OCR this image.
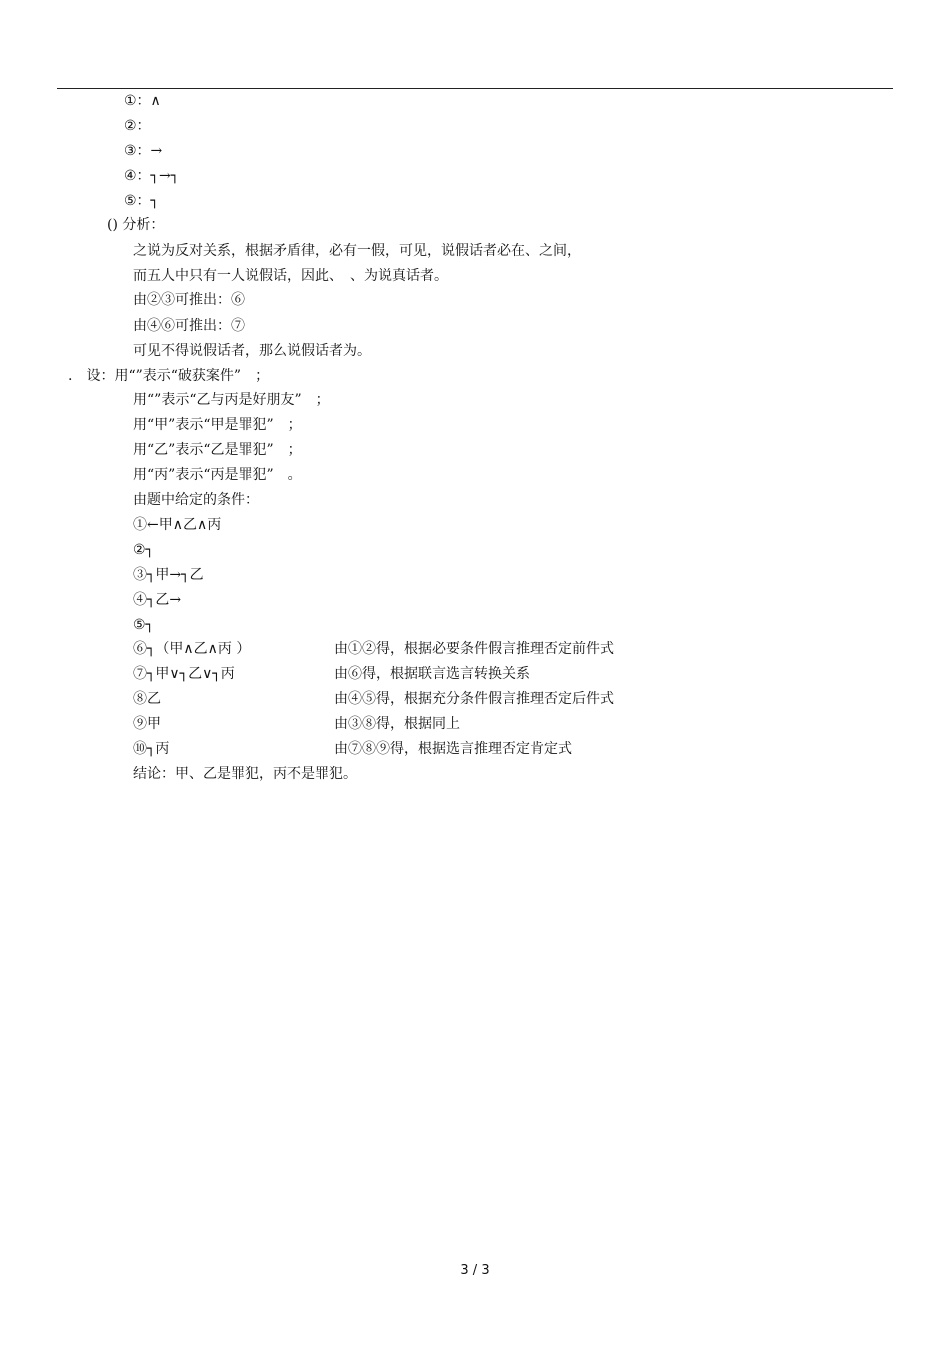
①：∧
②：
③：→
④：┐→┐
⑤：┐
() 分析：
之说为反对关系，根据矛盾律，必有一假，可见，说假话者必在、之间，
而五人中只有一人说假话，因此、　、为说真话者。
由②③可推出：⑥
由④⑥可推出：⑦
可见不得说假话者，那么说假话者为。
.　设：用“”表示“破获案件”　；
用“”表示“乙与丙是好朋友”　；
用“甲”表示“甲是罪犯”　；
用“乙”表示“乙是罪犯”　；
用“丙”表示“丙是罪犯”　。
由题中给定的条件：
①←甲∧乙∧丙
②┐
③┐甲→┐乙
④┐乙→
⑤┐
⑥┐（甲∧乙∧丙 ）	由①②得，根据必要条件假言推理否定前件式
⑦┐甲∨┐乙∨┐丙	由⑥得，根据联言选言转换关系
⑧乙	由④⑤得，根据充分条件假言推理否定后件式
⑨甲	由③⑧得，根据同上
⑩┐丙	由⑦⑧⑨得，根据选言推理否定肯定式
结论：甲、乙是罪犯，丙不是罪犯。
3 / 3
